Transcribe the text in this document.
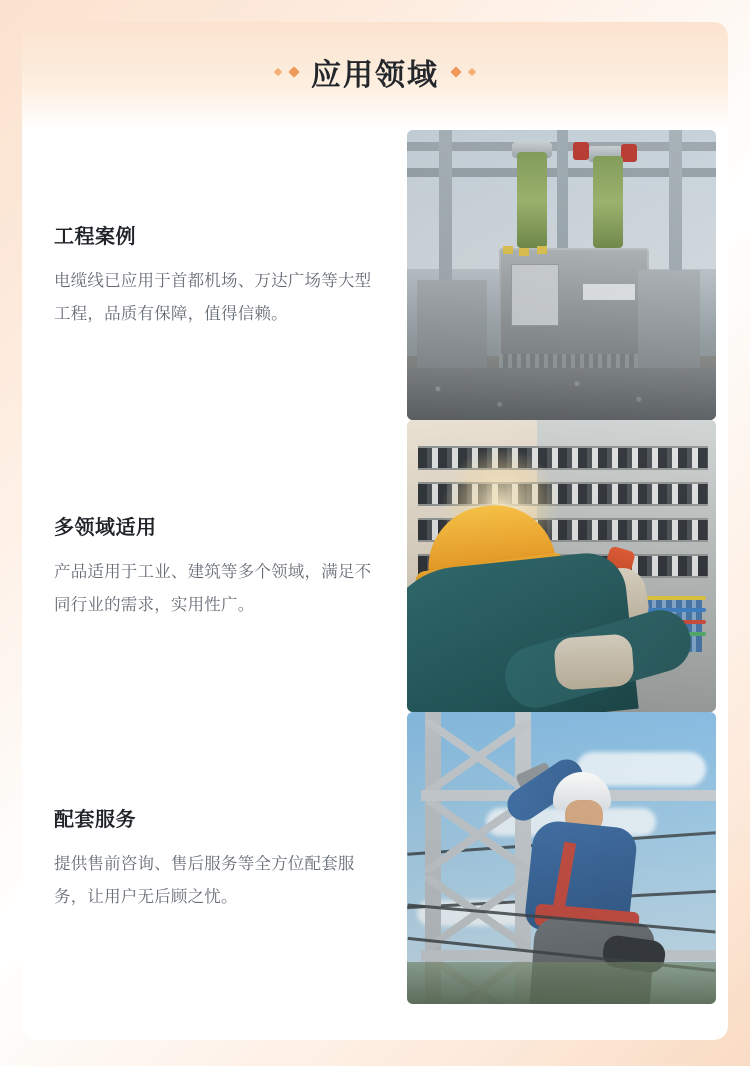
应用领域
工程案例

电缆线已应用于首都机场、万达广场等大型工程，品质有保障，值得信赖。

多领域适用

产品适用于工业、建筑等多个领域，满足不同行业的需求，实用性广。

配套服务

提供售前咨询、售后服务等全方位配套服务，让用户无后顾之忧。
